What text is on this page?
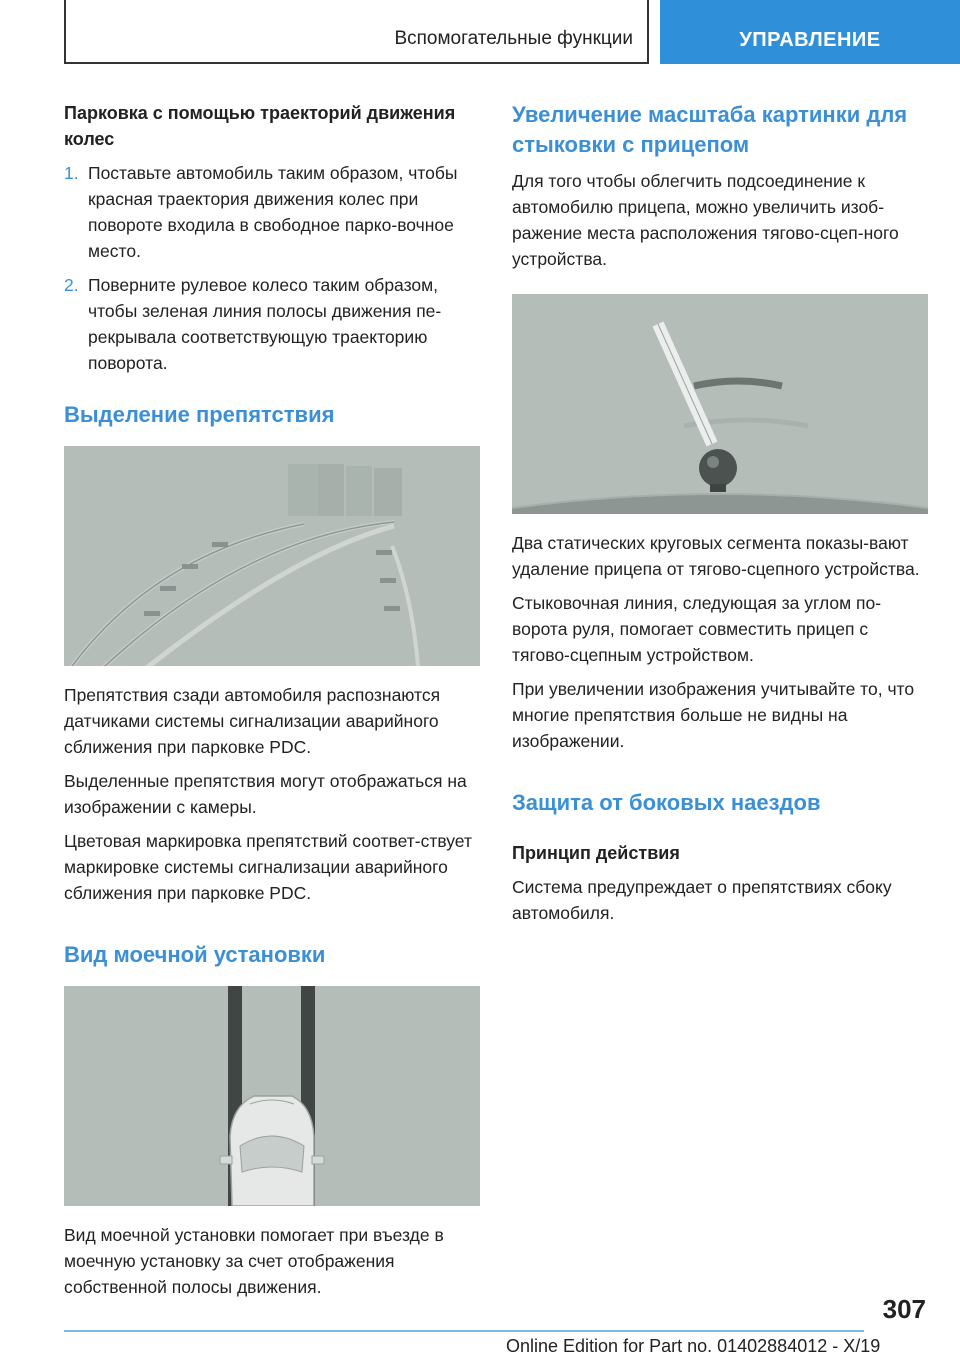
Вспомогательные функции	УПРАВЛЕНИЕ
Парковка с помощью траекторий движения колес
1. Поставьте автомобиль таким образом, чтобы красная траектория движения колес при повороте входила в свободное парко-вочное место.
2. Поверните рулевое колесо таким образом, чтобы зеленая линия полосы движения пе-рекрывала соответствующую траекторию поворота.
Выделение препятствия

Препятствия сзади автомобиля распознаются датчиками системы сигнализации аварийного сближения при парковке PDC.

Выделенные препятствия могут отображаться на изображении с камеры.

Цветовая маркировка препятствий соответ-ствует маркировке системы сигнализации аварийного сближения при парковке PDC.

Вид моечной установки

Вид моечной установки помогает при въезде в моечную установку за счет отображения собственной полосы движения.

Увеличение масштаба картинки для стыковки с прицепом

Для того чтобы облегчить подсоединение к автомобилю прицепа, можно увеличить изоб-ражение места расположения тягово-сцеп-ного устройства.

Два статических круговых сегмента показы-вают удаление прицепа от тягово-сцепного устройства.

Стыковочная линия, следующая за углом по-ворота руля, помогает совместить прицеп с тягово-сцепным устройством.

При увеличении изображения учитывайте то, что многие препятствия больше не видны на изображении.

Защита от боковых наездов
Принцип действия

Система предупреждает о препятствиях сбоку автомобиля.

307
Online Edition for Part no. 01402884012 - X/19
